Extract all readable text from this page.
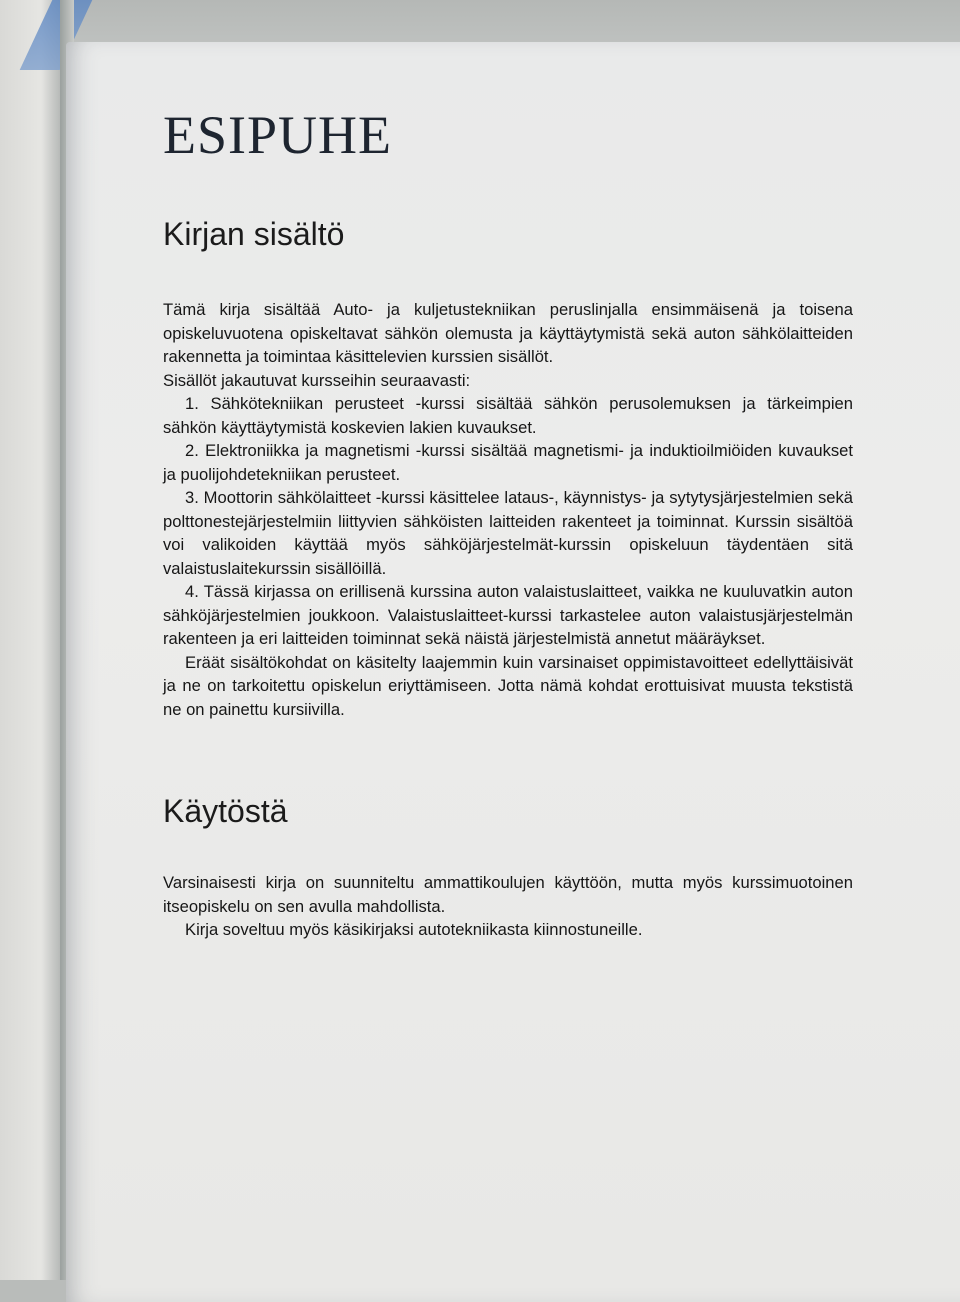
ESIPUHE
Kirjan sisältö

Tämä kirja sisältää Auto- ja kuljetustekniikan peruslinjalla ensimmäisenä ja toisena opiskeluvuotena opiskeltavat sähkön olemusta ja käyttäytymistä sekä auton sähkölaitteiden rakennetta ja toimintaa käsittelevien kurssien sisällöt.

Sisällöt jakautuvat kursseihin seuraavasti:

1. Sähkötekniikan perusteet -kurssi sisältää sähkön perusolemuksen ja tärkeimpien sähkön käyttäytymistä koskevien lakien kuvaukset.

2. Elektroniikka ja magnetismi -kurssi sisältää magnetismi- ja induktioilmiöiden kuvaukset ja puolijohdetekniikan perusteet.

3. Moottorin sähkölaitteet -kurssi käsittelee lataus-, käynnistys- ja sytytysjärjestelmien sekä polttonestejärjestelmiin liittyvien sähköisten laitteiden rakenteet ja toiminnat. Kurssin sisältöä voi valikoiden käyttää myös sähköjärjestelmät-kurssin opiskeluun täydentäen sitä valaistuslaitekurssin sisällöillä.

4. Tässä kirjassa on erillisenä kurssina auton valaistuslaitteet, vaikka ne kuuluvatkin auton sähköjärjestelmien joukkoon. Valaistuslaitteet-kurssi tarkastelee auton valaistusjärjestelmän rakenteen ja eri laitteiden toiminnat sekä näistä järjestelmistä annetut määräykset.

Eräät sisältökohdat on käsitelty laajemmin kuin varsinaiset oppimistavoitteet edellyttäisivät ja ne on tarkoitettu opiskelun eriyttämiseen. Jotta nämä kohdat erottuisivat muusta tekstistä ne on painettu kursiivilla.

Käytöstä

Varsinaisesti kirja on suunniteltu ammattikoulujen käyttöön, mutta myös kurssimuotoinen itseopiskelu on sen avulla mahdollista.

Kirja soveltuu myös käsikirjaksi autotekniikasta kiinnostuneille.
